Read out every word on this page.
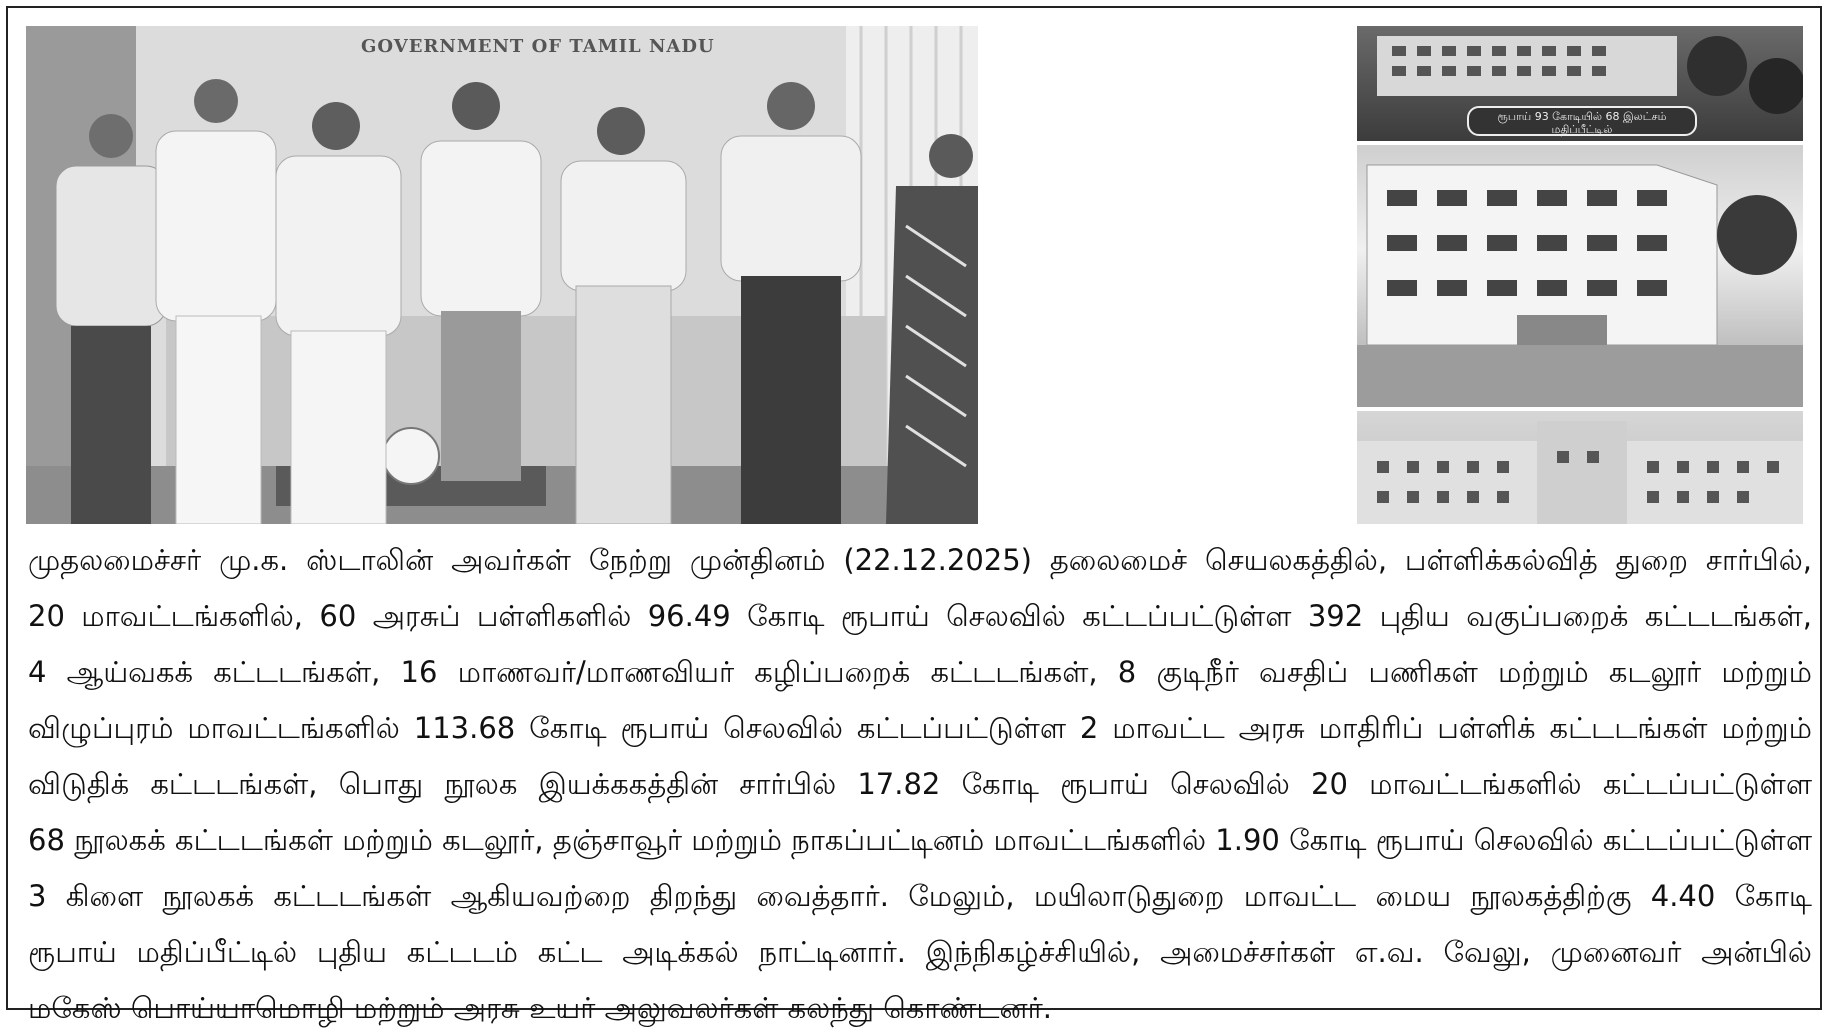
GOVERNMENT OF TAMIL NADU
ரூபாய் 93 கோடியில் 68 இலட்சம் மதிப்பீட்டில்
முதலமைச்சர் மு.க. ஸ்டாலின் அவர்கள் நேற்று முன்தினம் (22.12.2025) தலைமைச் செயலகத்தில், பள்ளிக்கல்வித் துறை சார்பில்,
20 மாவட்டங்களில், 60 அரசுப் பள்ளிகளில் 96.49 கோடி ரூபாய் செலவில் கட்டப்பட்டுள்ள 392 புதிய வகுப்பறைக் கட்டடங்கள்,
4 ஆய்வகக் கட்டடங்கள், 16 மாணவர்/மாணவியர் கழிப்பறைக் கட்டடங்கள், 8 குடிநீர் வசதிப் பணிகள் மற்றும் கடலூர் மற்றும்
விழுப்புரம் மாவட்டங்களில் 113.68 கோடி ரூபாய் செலவில் கட்டப்பட்டுள்ள 2 மாவட்ட அரசு மாதிரிப் பள்ளிக் கட்டடங்கள் மற்றும்
விடுதிக் கட்டடங்கள், பொது நூலக இயக்ககத்தின் சார்பில் 17.82 கோடி ரூபாய் செலவில் 20 மாவட்டங்களில் கட்டப்பட்டுள்ள
68 நூலகக் கட்டடங்கள் மற்றும் கடலூர், தஞ்சாவூர் மற்றும் நாகப்பட்டினம் மாவட்டங்களில் 1.90 கோடி ரூபாய் செலவில் கட்டப்பட்டுள்ள
3 கிளை நூலகக் கட்டடங்கள் ஆகியவற்றை திறந்து வைத்தார். மேலும், மயிலாடுதுறை மாவட்ட மைய நூலகத்திற்கு 4.40 கோடி
ரூபாய் மதிப்பீட்டில் புதிய கட்டடம் கட்ட அடிக்கல் நாட்டினார். இந்நிகழ்ச்சியில், அமைச்சர்கள் எ.வ. வேலு, முனைவர் அன்பில்
மகேஸ் பொய்யாமொழி மற்றும் அரசு உயர் அலுவலர்கள் கலந்து கொண்டனர்.
